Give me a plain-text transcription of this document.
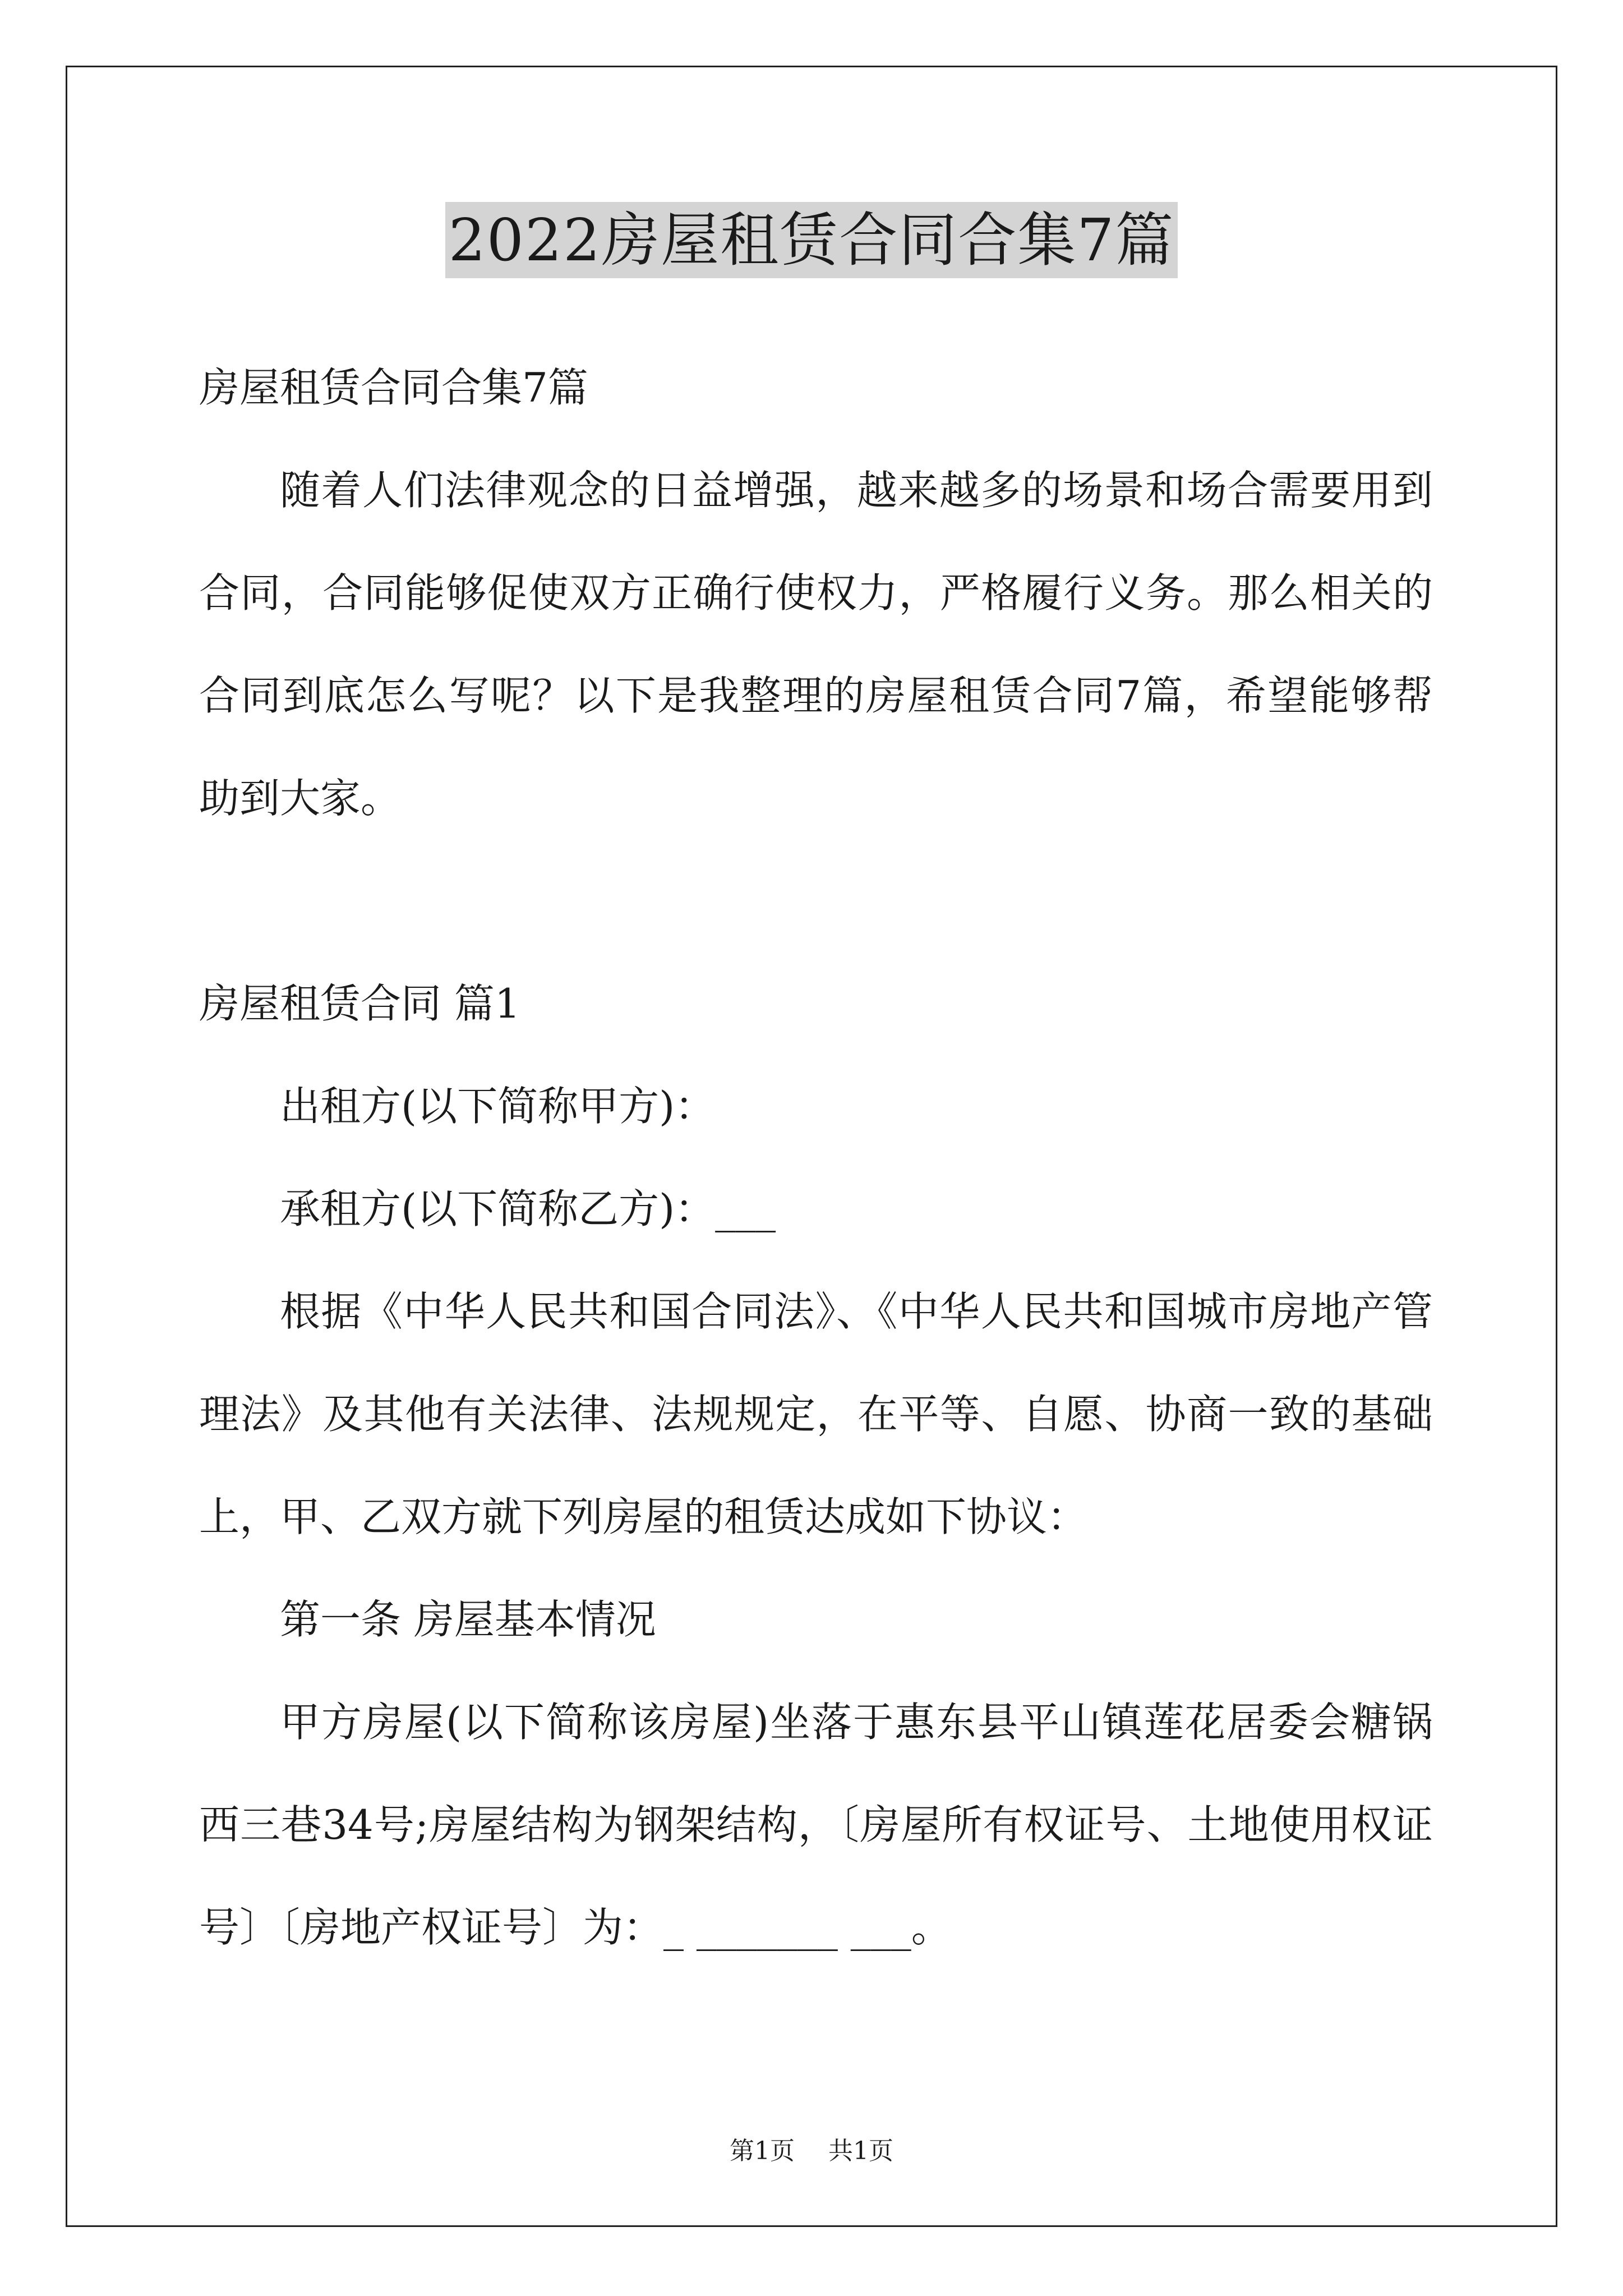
2022房屋租赁合同合集7篇

房屋租赁合同合集7篇

随着人们法律观念的日益增强，越来越多的场景和场合需要用到合同，合同能够促使双方正确行使权力，严格履行义务。那么相关的合同到底怎么写呢？以下是我整理的房屋租赁合同7篇，希望能够帮助到大家。

房屋租赁合同 篇1

出租方(以下简称甲方)：

承租方(以下简称乙方)：___

根据《中华人民共和国合同法》、《中华人民共和国城市房地产管理法》及其他有关法律、法规规定，在平等、自愿、协商一致的基础上，甲、乙双方就下列房屋的租赁达成如下协议：

第一条 房屋基本情况

甲方房屋(以下简称该房屋)坐落于惠东县平山镇莲花居委会糖锅西三巷34号;房屋结构为钢架结构，〔房屋所有权证号、土地使用权证号〕〔房地产权证号〕为：_ _______ ___。

第1页 共1页
